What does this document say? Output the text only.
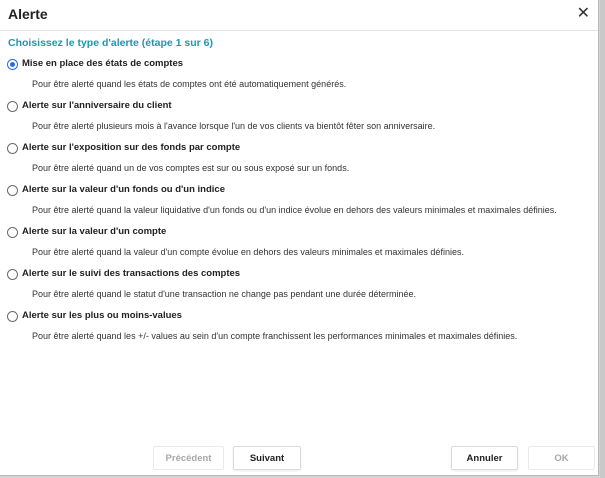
Alerte	✕
Choisissez le type d'alerte (étape 1 sur 6)
Mise en place des états de comptes
Pour être alerté quand les états de comptes ont été automatiquement générés.
Alerte sur l'anniversaire du client
Pour être alerté plusieurs mois à l'avance lorsque l'un de vos clients va bientôt fêter son anniversaire.
Alerte sur l'exposition sur des fonds par compte
Pour être alerté quand un de vos comptes est sur ou sous exposé sur un fonds.
Alerte sur la valeur d'un fonds ou d'un indice
Pour être alerté quand la valeur liquidative d'un fonds ou d'un indice évolue en dehors des valeurs minimales et maximales définies.
Alerte sur la valeur d'un compte
Pour être alerté quand la valeur d'un compte évolue en dehors des valeurs minimales et maximales définies.
Alerte sur le suivi des transactions des comptes
Pour être alerté quand le statut d'une transaction ne change pas pendant une durée déterminée.
Alerte sur les plus ou moins-values
Pour être alerté quand les +/- values au sein d'un compte franchissent les performances minimales et maximales définies.
Précédent	Suivant	Annuler	OK
